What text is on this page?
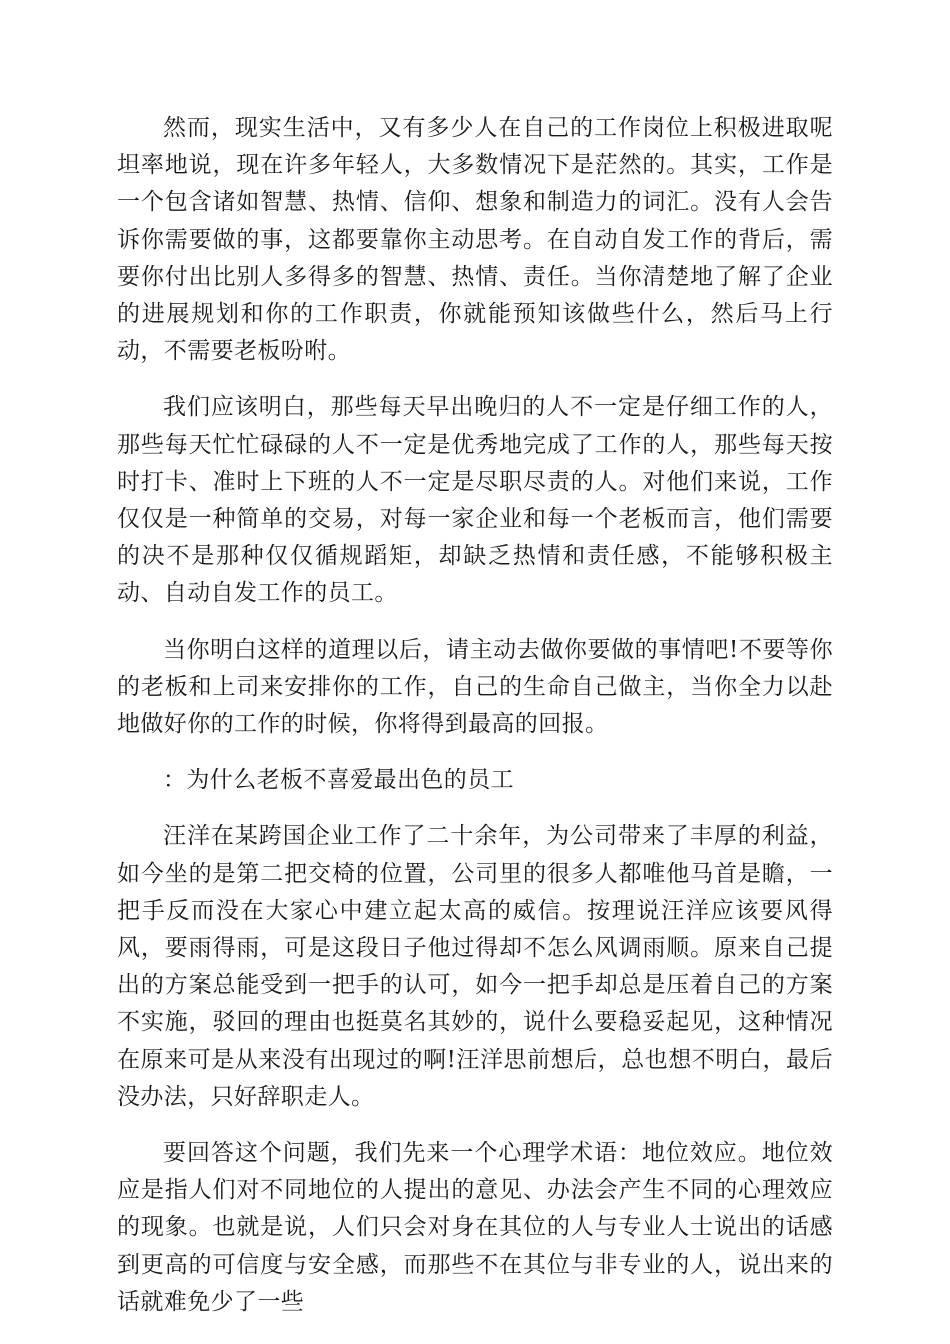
然而，现实生活中，又有多少人在自己的工作岗位上积极进取呢坦率地说，现在许多年轻人，大多数情况下是茫然的。其实，工作是一个包含诸如智慧、热情、信仰、想象和制造力的词汇。没有人会告诉你需要做的事，这都要靠你主动思考。在自动自发工作的背后，需要你付出比别人多得多的智慧、热情、责任。当你清楚地了解了企业的进展规划和你的工作职责，你就能预知该做些什么，然后马上行动，不需要老板吩咐。

我们应该明白，那些每天早出晚归的人不一定是仔细工作的人，那些每天忙忙碌碌的人不一定是优秀地完成了工作的人，那些每天按时打卡、准时上下班的人不一定是尽职尽责的人。对他们来说，工作仅仅是一种简单的交易，对每一家企业和每一个老板而言，他们需要的决不是那种仅仅循规蹈矩，却缺乏热情和责任感，不能够积极主动、自动自发工作的员工。

当你明白这样的道理以后，请主动去做你要做的事情吧!不要等你的老板和上司来安排你的工作，自己的生命自己做主，当你全力以赴地做好你的工作的时候，你将得到最高的回报。

：为什么老板不喜爱最出色的员工

汪洋在某跨国企业工作了二十余年，为公司带来了丰厚的利益，如今坐的是第二把交椅的位置，公司里的很多人都唯他马首是瞻，一把手反而没在大家心中建立起太高的威信。按理说汪洋应该要风得风，要雨得雨，可是这段日子他过得却不怎么风调雨顺。原来自己提出的方案总能受到一把手的认可，如今一把手却总是压着自己的方案不实施，驳回的理由也挺莫名其妙的，说什么要稳妥起见，这种情况在原来可是从来没有出现过的啊!汪洋思前想后，总也想不明白，最后没办法，只好辞职走人。

要回答这个问题，我们先来一个心理学术语：地位效应。地位效应是指人们对不同地位的人提出的意见、办法会产生不同的心理效应的现象。也就是说，人们只会对身在其位的人与专业人士说出的话感到更高的可信度与安全感，而那些不在其位与非专业的人，说出来的话就难免少了一些
